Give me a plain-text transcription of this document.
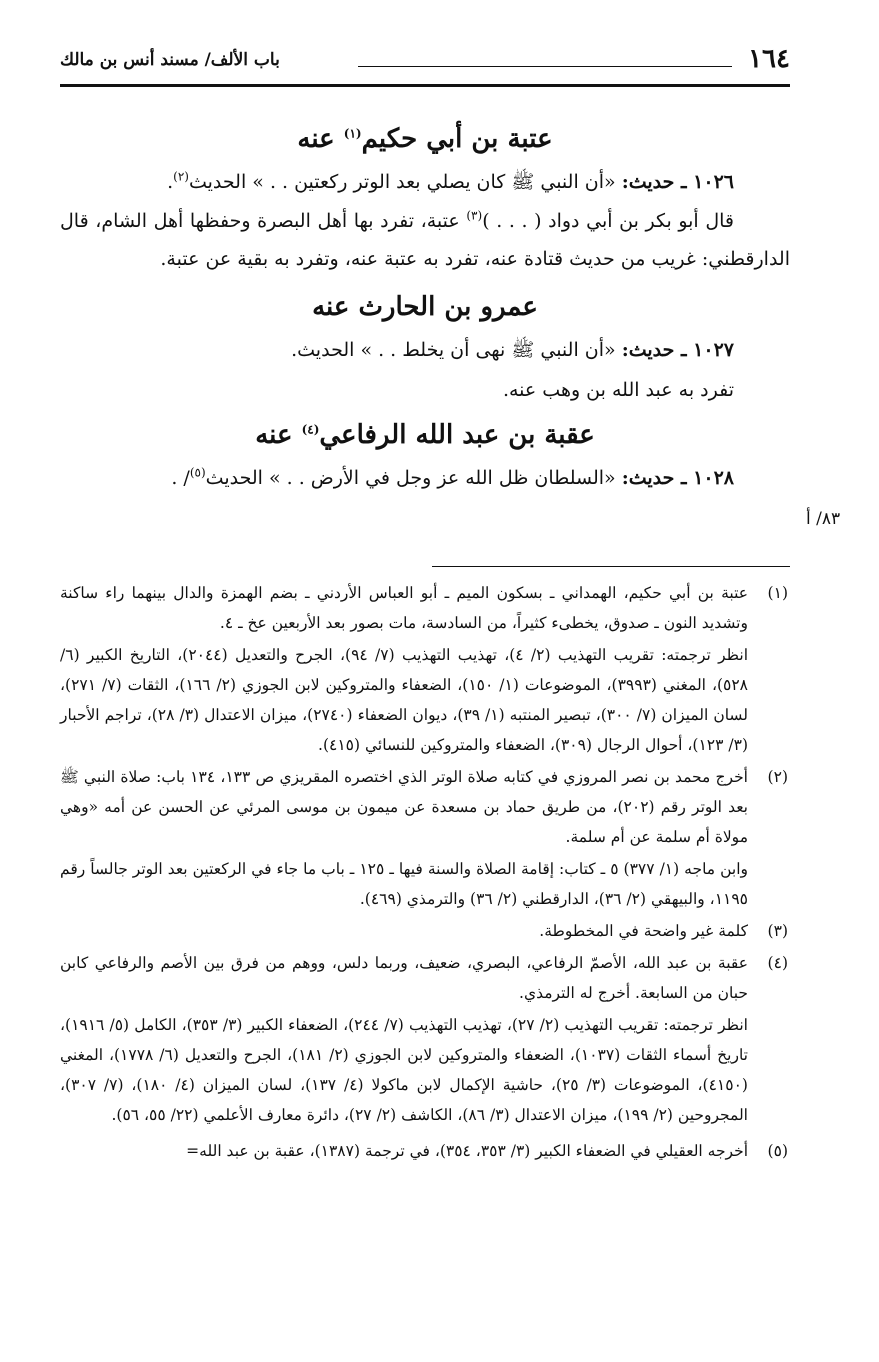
١٦٤
باب الألف/ مسند أنس بن مالك
عتبة بن أبي حكيم$^{(١)}$ عنه

١٠٢٦ ـ حديث: «أن النبي ﷺ كان يصلي بعد الوتر ركعتين . . » الحديث$^{(٢)}$.

قال أبو بكر بن أبي دواد ( . . . )$^{(٣)}$ عتبة، تفرد بها أهل البصرة وحفظها أهل الشام، قال الدارقطني: غريب من حديث قتادة عنه، تفرد به عتبة عنه، وتفرد به بقية عن عتبة.

عمرو بن الحارث عنه

١٠٢٧ ـ حديث: «أن النبي ﷺ نهى أن يخلط . . » الحديث.

تفرد به عبد الله بن وهب عنه.

عقبة بن عبد الله الرفاعي$^{(٤)}$ عنه

١٠٢٨ ـ حديث: «السلطان ظل الله عز وجل في الأرض . . » الحديث$^{(٥)}$/ .

٨٣/ أ
(١)

عتبة بن أبي حكيم، الهمداني ـ بسكون الميم ـ أبو العباس الأردني ـ بضم الهمزة والدال بينهما راء ساكنة وتشديد النون ـ صدوق، يخطىء كثيراً، من السادسة، مات بصور بعد الأربعين عخ ـ ٤.

انظر ترجمته: تقريب التهذيب (٢/ ٤)، تهذيب التهذيب (٧/ ٩٤)، الجرح والتعديل (٢٠٤٤)، التاريخ الكبير (٦/ ٥٢٨)، المغني (٣٩٩٣)، الموضوعات (١/ ١٥٠)، الضعفاء والمتروكين لابن الجوزي (٢/ ١٦٦)، الثقات (٧/ ٢٧١)، لسان الميزان (٧/ ٣٠٠)، تبصير المنتبه (١/ ٣٩)، ديوان الضعفاء (٢٧٤٠)، ميزان الاعتدال (٣/ ٢٨)، تراجم الأحبار (٣/ ١٢٣)، أحوال الرجال (٣٠٩)، الضعفاء والمتروكين للنسائي (٤١٥).

(٢)

أخرج محمد بن نصر المروزي في كتابه صلاة الوتر الذي اختصره المقريزي ص ١٣٣، ١٣٤ باب: صلاة النبي ﷺ بعد الوتر رقم (٢٠٢)، من طريق حماد بن مسعدة عن ميمون بن موسى المرئي عن الحسن عن أمه «وهي مولاة أم سلمة عن أم سلمة.

وابن ماجه (١/ ٣٧٧) ٥ ـ كتاب: إقامة الصلاة والسنة فيها ـ ١٢٥ ـ باب ما جاء في الركعتين بعد الوتر جالساً رقم ١١٩٥، والبيهقي (٢/ ٣٦)، الدارقطني (٢/ ٣٦) والترمذي (٤٦٩).

(٣)

كلمة غير واضحة في المخطوطة.

(٤)

عقبة بن عبد الله، الأصمّ الرفاعي، البصري، ضعيف، وربما دلس، ووهم من فرق بين الأصم والرفاعي كابن حبان من السابعة. أخرج له الترمذي.

انظر ترجمته: تقريب التهذيب (٢/ ٢٧)، تهذيب التهذيب (٧/ ٢٤٤)، الضعفاء الكبير (٣/ ٣٥٣)، الكامل (٥/ ١٩١٦)، تاريخ أسماء الثقات (١٠٣٧)، الضعفاء والمتروكين لابن الجوزي (٢/ ١٨١)، الجرح والتعديل (٦/ ١٧٧٨)، المغني (٤١٥٠)، الموضوعات (٣/ ٢٥)، حاشية الإكمال لابن ماكولا (٤/ ١٣٧)، لسان الميزان (٤/ ١٨٠)، (٧/ ٣٠٧)، المجروحين (٢/ ١٩٩)، ميزان الاعتدال (٣/ ٨٦)، الكاشف (٢/ ٢٧)، دائرة معارف الأعلمي (٢٢/ ٥٥، ٥٦).

(٥)

أخرجه العقيلي في الضعفاء الكبير (٣/ ٣٥٣، ٣٥٤)، في ترجمة (١٣٨٧)، عقبة بن عبد الله=
